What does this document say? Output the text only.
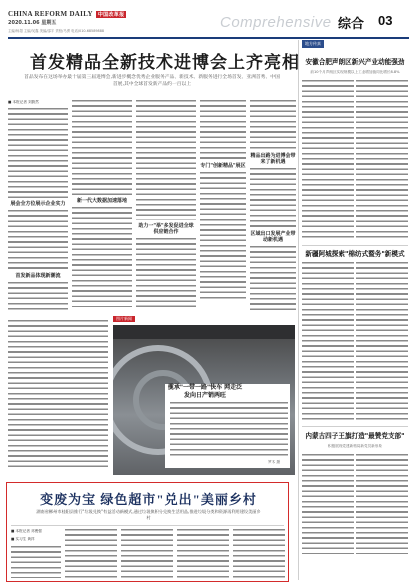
CHINA REFORM DAILY 中国改革报
2020.11.06 星期五
主编/杨超 主编/吴鑫 美编/邵宇 责校/马勇 电话/010-68589888	Comprehensive 综合 03
首发精品全新技术进博会上齐亮相
首品发布在这场举办最十届第三届进博会,新进步概念优秀企业服务产品、新技术、新服务进行全场首发、亚洲首秀、中国首展,其中全球首发新产品约一百以上
■ 本报记者 刘蔚然
展会全方位展示企业实力
首发新品体现新潮流
新一代大数据加速落地
助力一"举"多发促进全球供应链合作
专门"创新精品"展区
精品出路为进博会带来了新机遇
区域出口发展产业带动新机遇
地方传真
安徽合肥声朗区新兴产业动能强劲
前10个月声朗区实现规模以上工业增加值同比增长8.8%
新疆阿城探索"棉纺式暨务"新模式
内蒙古四子王旗打造"最赞党支部"
积极展现党建新格局新党员新形象
图片新闻
揽承"一带一路"快车 网走泛发向日产销两旺
罗木 摄
变废为宝 绿色超市"兑出"美丽乡村
湖南省郴州市桂阳县推行"垃圾兑换"有益活动新模式,通过垃圾换积分兑换生活用品,推进垃圾分类和资源再利用建设美丽乡村
■ 本报记者 邓俊强
■ 实习生 黄祥
